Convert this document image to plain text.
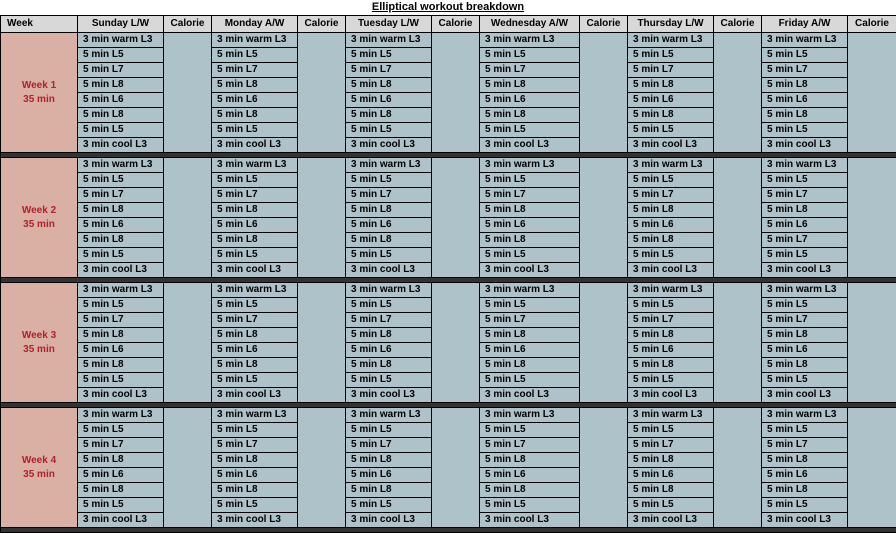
Elliptical workout breakdown
Week	Sunday L/W	Calorie	Monday A/W	Calorie	Tuesday L/W	Calorie	Wednesday A/W	Calorie	Thursday L/W	Calorie	Friday A/W	Calorie

Week 1
35 min	3 min warm L3		3 min warm L3		3 min warm L3		3 min warm L3		3 min warm L3		3 min warm L3	
	5 min L5		5 min L5		5 min L5		5 min L5		5 min L5		5 min L5	
	5 min L7		5 min L7		5 min L7		5 min L7		5 min L7		5 min L7	
	5 min L8		5 min L8		5 min L8		5 min L8		5 min L8		5 min L8	
	5 min L6		5 min L6		5 min L6		5 min L6		5 min L6		5 min L6	
	5 min L8		5 min L8		5 min L8		5 min L8		5 min L8		5 min L8	
	5 min L5		5 min L5		5 min L5		5 min L5		5 min L5		5 min L5	
	3 min cool L3		3 min cool L3		3 min cool L3		3 min cool L3		3 min cool L3		3 min cool L3	

Week 2
35 min	3 min warm L3		3 min warm L3		3 min warm L3		3 min warm L3		3 min warm L3		3 min warm L3	
	5 min L5		5 min L5		5 min L5		5 min L5		5 min L5		5 min L5	
	5 min L7		5 min L7		5 min L7		5 min L7		5 min L7		5 min L7	
	5 min L8		5 min L8		5 min L8		5 min L8		5 min L8		5 min L8	
	5 min L6		5 min L6		5 min L6		5 min L6		5 min L6		5 min L6	
	5 min L8		5 min L8		5 min L8		5 min L8		5 min L8		5 min L7	
	5 min L5		5 min L5		5 min L5		5 min L5		5 min L5		5 min L5	
	3 min cool L3		3 min cool L3		3 min cool L3		3 min cool L3		3 min cool L3		3 min cool L3	

Week 3
35 min	3 min warm L3		3 min warm L3		3 min warm L3		3 min warm L3		3 min warm L3		3 min warm L3	
	5 min L5		5 min L5		5 min L5		5 min L5		5 min L5		5 min L5	
	5 min L7		5 min L7		5 min L7		5 min L7		5 min L7		5 min L7	
	5 min L8		5 min L8		5 min L8		5 min L8		5 min L8		5 min L8	
	5 min L6		5 min L6		5 min L6		5 min L6		5 min L6		5 min L6	
	5 min L8		5 min L8		5 min L8		5 min L8		5 min L8		5 min L8	
	5 min L5		5 min L5		5 min L5		5 min L5		5 min L5		5 min L5	
	3 min cool L3		3 min cool L3		3 min cool L3		3 min cool L3		3 min cool L3		3 min cool L3	

Week 4
35 min	3 min warm L3		3 min warm L3		3 min warm L3		3 min warm L3		3 min warm L3		3 min warm L3	
	5 min L5		5 min L5		5 min L5		5 min L5		5 min L5		5 min L5	
	5 min L7		5 min L7		5 min L7		5 min L7		5 min L7		5 min L7	
	5 min L8		5 min L8		5 min L8		5 min L8		5 min L8		5 min L8	
	5 min L6		5 min L6		5 min L6		5 min L6		5 min L6		5 min L6	
	5 min L8		5 min L8		5 min L8		5 min L8		5 min L8		5 min L8	
	5 min L5		5 min L5		5 min L5		5 min L5		5 min L5		5 min L5	
	3 min cool L3		3 min cool L3		3 min cool L3		3 min cool L3		3 min cool L3		3 min cool L3	
